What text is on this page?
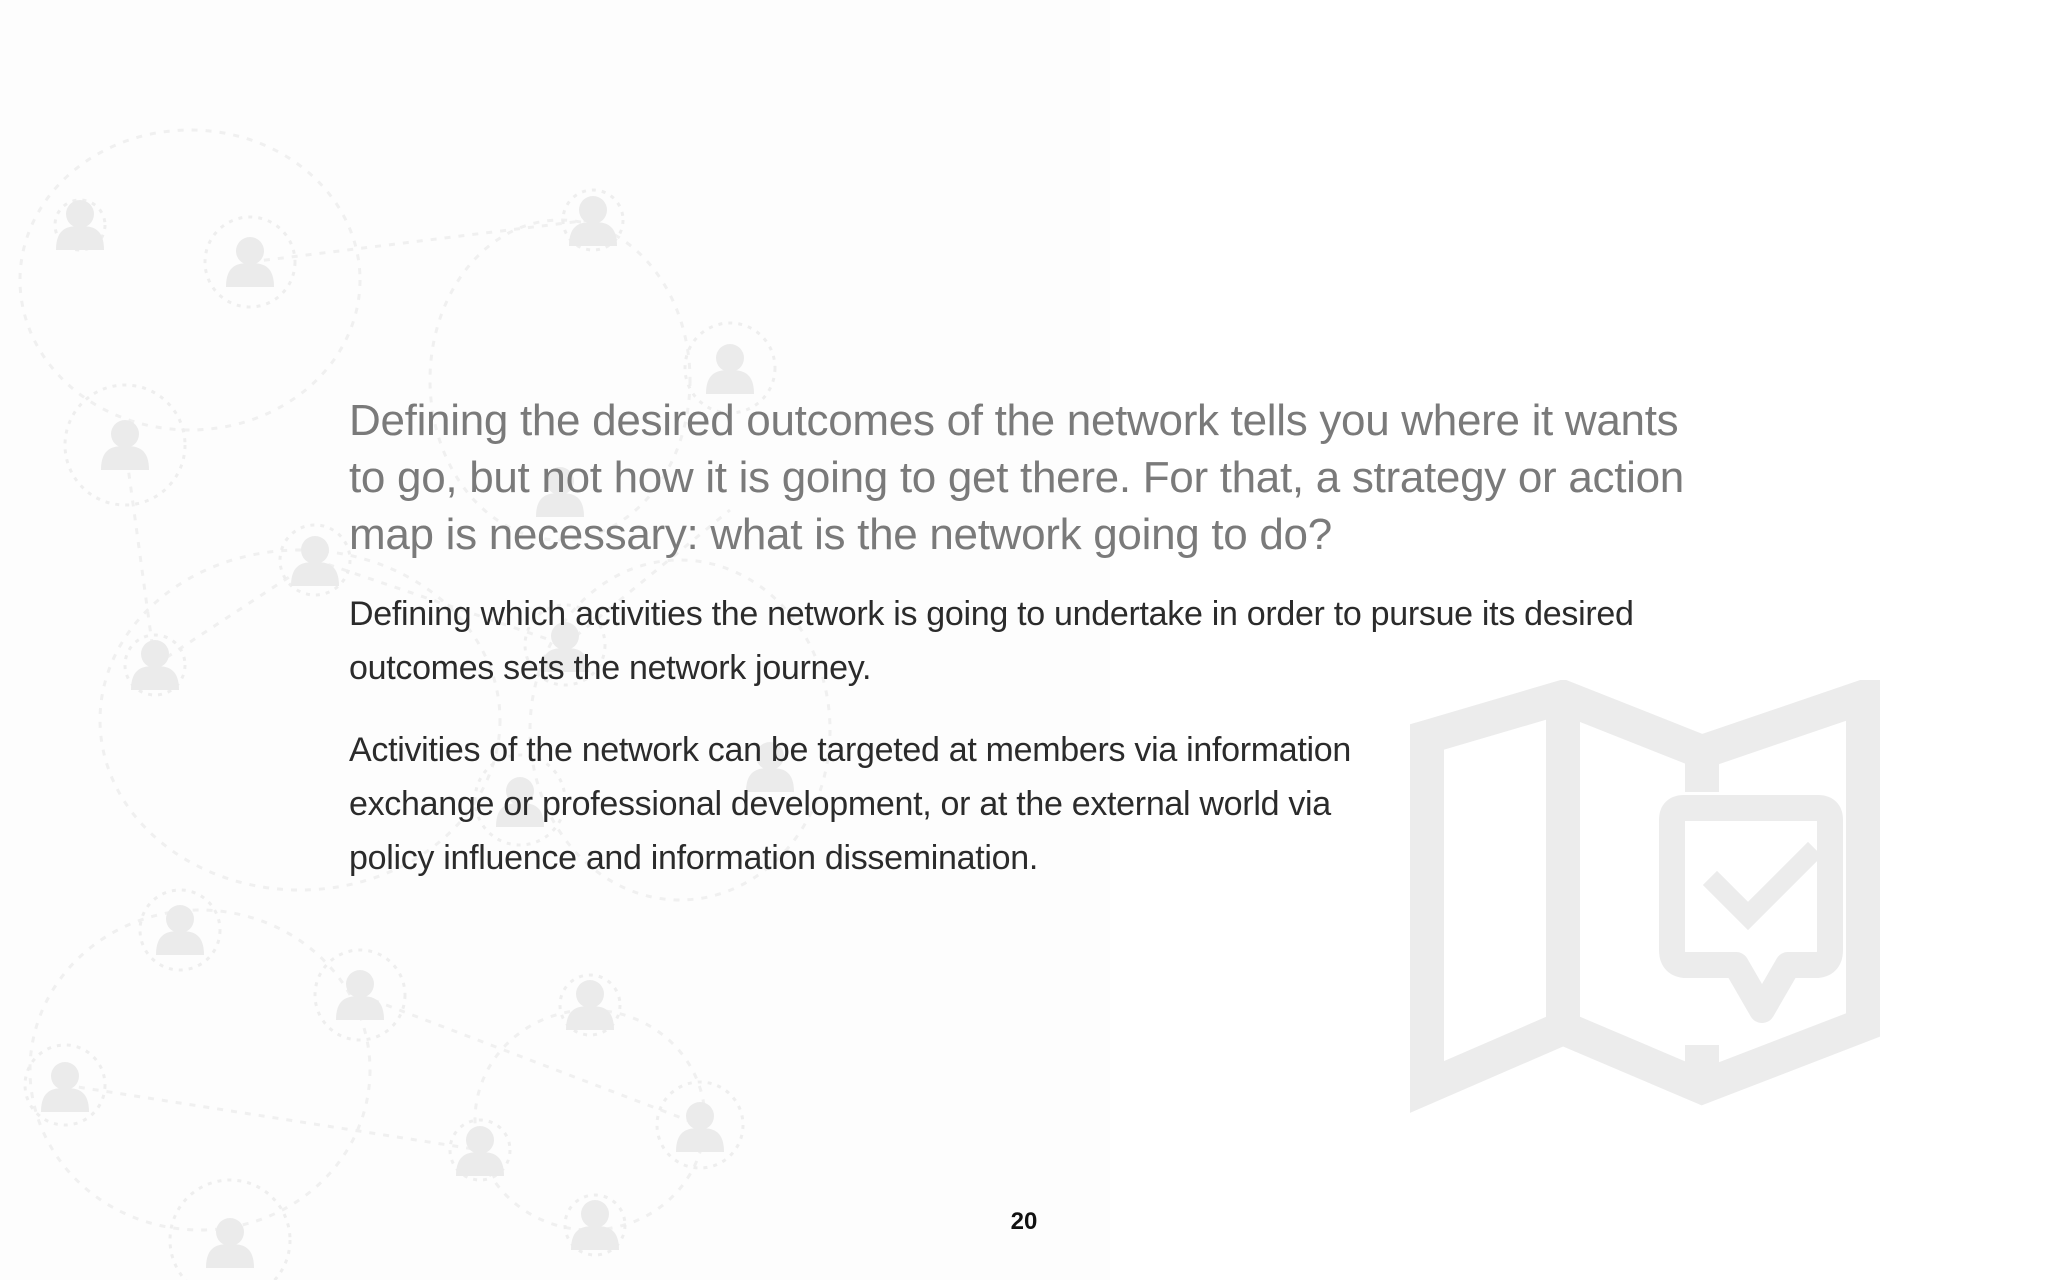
Defining the desired outcomes of the network tells you where it wants to go, but not how it is going to get there. For that, a strategy or action map is necessary: what is the network going to do?

Defining which activities the network is going to undertake in order to pursue its desired outcomes sets the network journey.

Activities of the network can be targeted at members via information exchange or professional development, or at the external world via policy influence and information dissemination.

20
